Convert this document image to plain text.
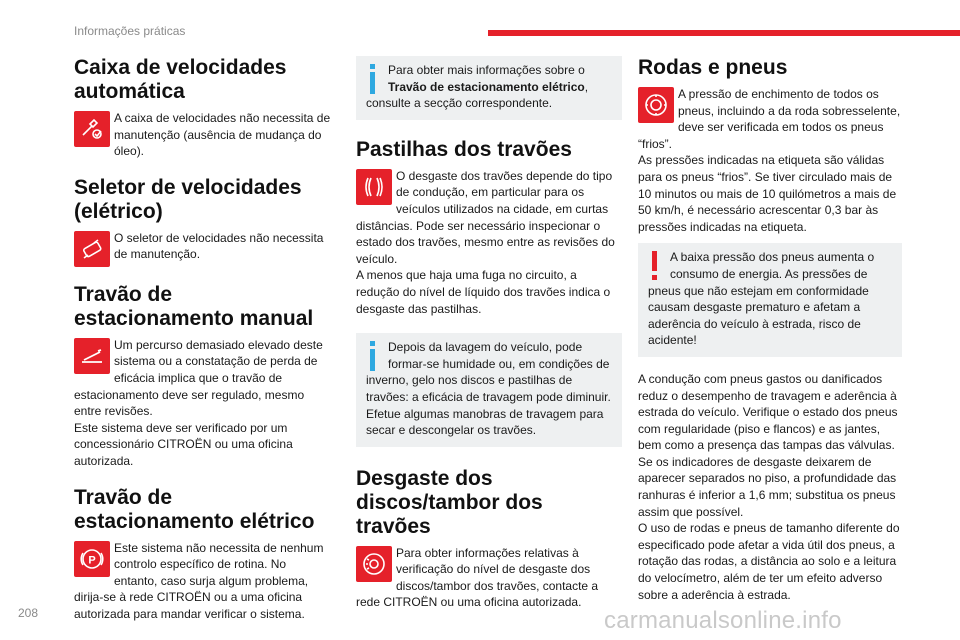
Informações práticas
Caixa de velocidades automática

A caixa de velocidades não necessita de manutenção (ausência de mudança do óleo).

Seletor de velocidades (elétrico)

O seletor de velocidades não necessita de manutenção.

Travão de estacionamento manual

Um percurso demasiado elevado deste sistema ou a constatação de perda de eficácia implica que o travão de estacionamento deve ser regulado, mesmo entre revisões.

Este sistema deve ser verificado por um concessionário CITROËN ou uma oficina autorizada.

Travão de estacionamento elétrico
P

Este sistema não necessita de nenhum controlo específico de rotina. No entanto, caso surja algum problema, dirija-se à rede CITROËN ou a uma oficina autorizada para mandar verificar o sistema.

Para obter mais informações sobre o Travão de estacionamento elétrico, consulte a secção correspondente.
Pastilhas dos travões

O desgaste dos travões depende do tipo de condução, em particular para os veículos utilizados na cidade, em curtas distâncias. Pode ser necessário inspecionar o estado dos travões, mesmo entre as revisões do veículo.

A menos que haja uma fuga no circuito, a redução do nível de líquido dos travões indica o desgaste das pastilhas.

Depois da lavagem do veículo, pode formar-se humidade ou, em condições de inverno, gelo nos discos e pastilhas de travões: a eficácia de travagem pode diminuir. Efetue algumas manobras de travagem para secar e descongelar os travões.
Desgaste dos discos/tambor dos travões

Para obter informações relativas à verificação do nível de desgaste dos discos/tambor dos travões, contacte a rede CITROËN ou uma oficina autorizada.

Rodas e pneus

A pressão de enchimento de todos os pneus, incluindo a da roda sobresselente, deve ser verificada em todos os pneus “frios”.

As pressões indicadas na etiqueta são válidas para os pneus “frios”. Se tiver circulado mais de 10 minutos ou mais de 10 quilómetros a mais de 50 km/h, é necessário acrescentar 0,3 bar às pressões indicadas na etiqueta.

A baixa pressão dos pneus aumenta o consumo de energia. As pressões de pneus que não estejam em conformidade causam desgaste prematuro e afetam a aderência do veículo à estrada, risco de acidente!

A condução com pneus gastos ou danificados reduz o desempenho de travagem e aderência à estrada do veículo. Verifique o estado dos pneus com regularidade (piso e flancos) e as jantes, bem como a presença das tampas das válvulas.

Se os indicadores de desgaste deixarem de aparecer separados no piso, a profundidade das ranhuras é inferior a 1,6 mm; substitua os pneus assim que possível.

O uso de rodas e pneus de tamanho diferente do especificado pode afetar a vida útil dos pneus, a rotação das rodas, a distância ao solo e a leitura do velocímetro, além de ter um efeito adverso sobre a aderência à estrada.

208	carmanualsonline.info
